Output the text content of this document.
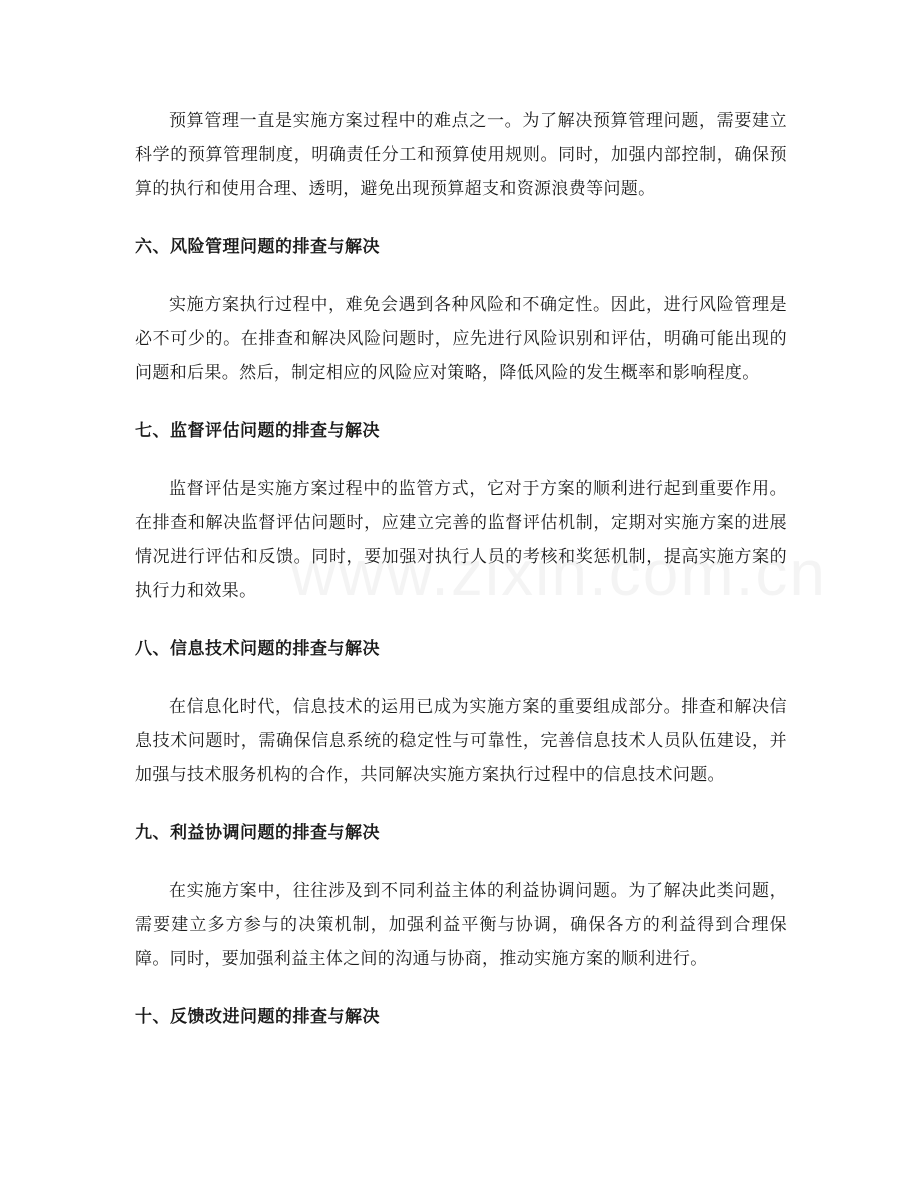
预算管理一直是实施方案过程中的难点之一。为了解决预算管理问题，需要建立科学的预算管理制度，明确责任分工和预算使用规则。同时，加强内部控制，确保预算的执行和使用合理、透明，避免出现预算超支和资源浪费等问题。

六、风险管理问题的排查与解决

实施方案执行过程中，难免会遇到各种风险和不确定性。因此，进行风险管理是必不可少的。在排查和解决风险问题时，应先进行风险识别和评估，明确可能出现的问题和后果。然后，制定相应的风险应对策略，降低风险的发生概率和影响程度。

七、监督评估问题的排查与解决

监督评估是实施方案过程中的监管方式，它对于方案的顺利进行起到重要作用。在排查和解决监督评估问题时，应建立完善的监督评估机制，定期对实施方案的进展情况进行评估和反馈。同时，要加强对执行人员的考核和奖惩机制，提高实施方案的执行力和效果。

八、信息技术问题的排查与解决

在信息化时代，信息技术的运用已成为实施方案的重要组成部分。排查和解决信息技术问题时，需确保信息系统的稳定性与可靠性，完善信息技术人员队伍建设，并加强与技术服务机构的合作，共同解决实施方案执行过程中的信息技术问题。

九、利益协调问题的排查与解决

在实施方案中，往往涉及到不同利益主体的利益协调问题。为了解决此类问题，需要建立多方参与的决策机制，加强利益平衡与协调，确保各方的利益得到合理保障。同时，要加强利益主体之间的沟通与协商，推动实施方案的顺利进行。

十、反馈改进问题的排查与解决
